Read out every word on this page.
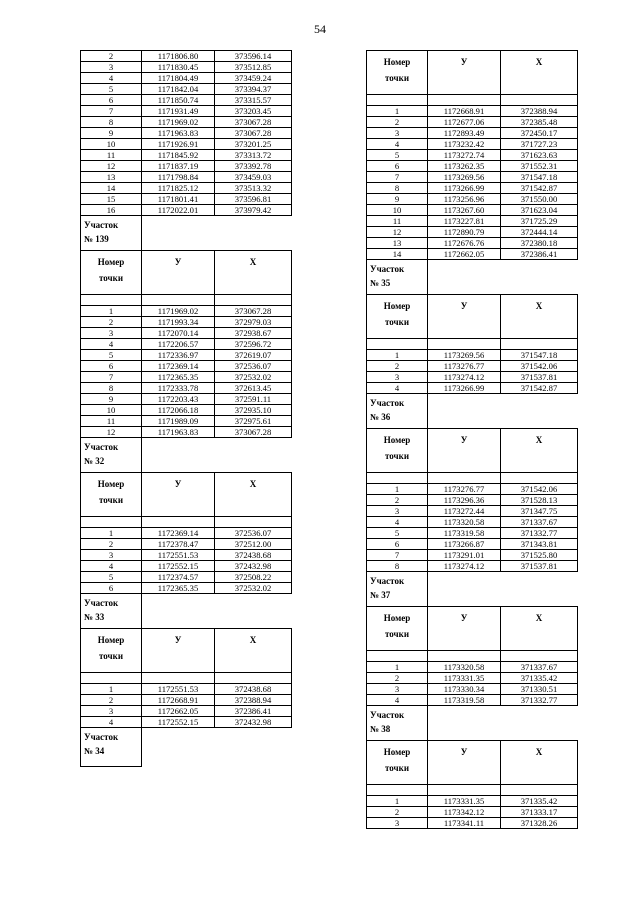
54
2	1171806.80	373596.14
3	1171830.45	373512.85
4	1171804.49	373459.24
5	1171842.04	373394.37
6	1171850.74	373315.57
7	1171931.49	373203.45
8	1171969.02	373067.28
9	1171963.83	373067.28
10	1171926.91	373201.25
11	1171845.92	373313.72
12	1171837.19	373392.78
13	1171798.84	373459.03
14	1171825.12	373513.32
15	1171801.41	373596.81
16	1172022.01	373979.42

Участок
№ 139		

Номер
точки	У	Х

1	1171969.02	373067.28
2	1171993.34	372979.03
3	1172070.14	372938.67
4	1172206.57	372596.72
5	1172336.97	372619.07
6	1172369.14	372536.07
7	1172365.35	372532.02
8	1172333.78	372613.45
9	1172203.43	372591.11
10	1172066.18	372935.10
11	1171989.09	372975.61
12	1171963.83	373067.28

Участок
№ 32		

Номер
точки	У	Х

1	1172369.14	372536.07
2	1172378.47	372512.00
3	1172551.53	372438.68
4	1172552.15	372432.98
5	1172374.57	372508.22
6	1172365.35	372532.02

Участок
№ 33		

Номер
точки	У	Х

1	1172551.53	372438.68
2	1172668.91	372388.94
3	1172662.05	372386.41
4	1172552.15	372432.98

Участок
№ 34		

Номер
точки	У	Х

1	1172668.91	372388.94
2	1172677.06	372385.48
3	1172893.49	372450.17
4	1173232.42	371727.23
5	1173272.74	371623.63
6	1173262.35	371552.31
7	1173269.56	371547.18
8	1173266.99	371542.87
9	1173256.96	371550.00
10	1173267.60	371623.04
11	1173227.81	371725.29
12	1172890.79	372444.14
13	1172676.76	372380.18
14	1172662.05	372386.41

Участок
№ 35		

Номер
точки	У	Х

1	1173269.56	371547.18
2	1173276.77	371542.06
3	1173274.12	371537.81
4	1173266.99	371542.87

Участок
№ 36		

Номер
точки	У	Х

1	1173276.77	371542.06
2	1173296.36	371528.13
3	1173272.44	371347.75
4	1173320.58	371337.67
5	1173319.58	371332.77
6	1173266.87	371343.81
7	1173291.01	371525.80
8	1173274.12	371537.81

Участок
№ 37		

Номер
точки	У	Х

1	1173320.58	371337.67
2	1173331.35	371335.42
3	1173330.34	371330.51
4	1173319.58	371332.77

Участок
№ 38		

Номер
точки	У	Х

1	1173331.35	371335.42
2	1173342.12	371333.17
3	1173341.11	371328.26
